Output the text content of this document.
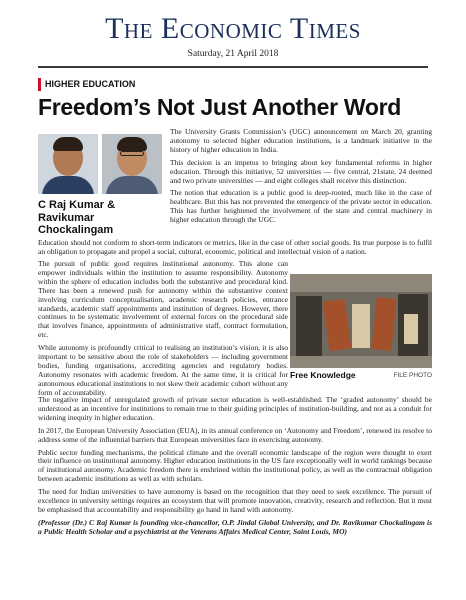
The Economic Times
Saturday, 21 April 2018
HIGHER EDUCATION
Freedom’s Not Just Another Word
C Raj Kumar &
Ravikumar Chockalingam

The University Grants Commission’s (UGC) announcement on March 20, granting autonomy to selected higher education institutions, is a landmark initiative in the history of higher education in India.

This decision is an impetus to bringing about key fundamental reforms in higher education. Through this initiative, 52 universities — five central, 21state, 24 deemed and two private universities — and eight colleges shall receive this distinction.

The notion that education is a public good is deep-rooted, much like in the case of healthcare. But this has not prevented the emergence of the private sector in education. This has further heightened the involvement of the state and central machinery in higher education through the UGC.

Education should not conform to short-term indicators or metrics, like in the case of other social goods. Its true purpose is to fulfil an obligation to propagate and propel a social, cultural, economic, political and intellectual vision of a nation.

The pursuit of public good requires institutional autonomy. This alone can empower individuals within the institution to assume responsibility. Autonomy within the sphere of education includes both the substantive and procedural kind. There has been a renewed push for autonomy within the substantive context involving curriculum conceptualisation, academic research policies, entrance standards, academic staff appointments and institution of degrees. However, there continues to be systematic involvement of external forces on the procedural side that involves finance, appointments of administrative staff, contract formulation, etc.

While autonomy is profoundly critical to realising an institution’s vision, it is also important to be sensitive about the role of stakeholders — including government bodies, funding organisations, accrediting agencies and regulatory bodies. Autonomy resonates with academic freedom. At the same time, it is critical for autonomous educational institutions to not skew their academic cohort without any form of accountability.

Free Knowledge	FILE PHOTO

The negative impact of unregulated growth of private sector education is well-established. The ‘graded autonomy’ should be understood as an incentive for institutions to remain true to their guiding principles of institution-building, and not as a conduit for widening inequity in higher education.

In 2017, the European University Association (EUA), in its annual conference on ‘Autonomy and Freedom’, renewed its resolve to address some of the influential barriers that European universities face in exercising autonomy.

Public sector funding mechanisms, the political climate and the overall economic landscape of the region were thought to exert their influence on institutional autonomy. Higher education institutions in the US fare exceptionally well in world rankings because of institutional autonomy. Academic freedom there is enshrined within the institutional policy, as well as the contractual obligation between academic institutions as well as with scholars.

The need for Indian universities to have autonomy is based on the recognition that they need to seek excellence. The pursuit of excellence in university settings requires an ecosystem that will promote innovation, creativity, research and reflection. But it must be emphasised that accountability and responsibility go hand in hand with autonomy.

(Professor (Dr.) C Raj Kumar is founding vice-chancellor, O.P. Jindal Global University, and Dr. Ravikumar Chockalingam is a Public Health Scholar and a psychiatrist at the Veterans Affairs Medical Center, Saint Louis, MO)
